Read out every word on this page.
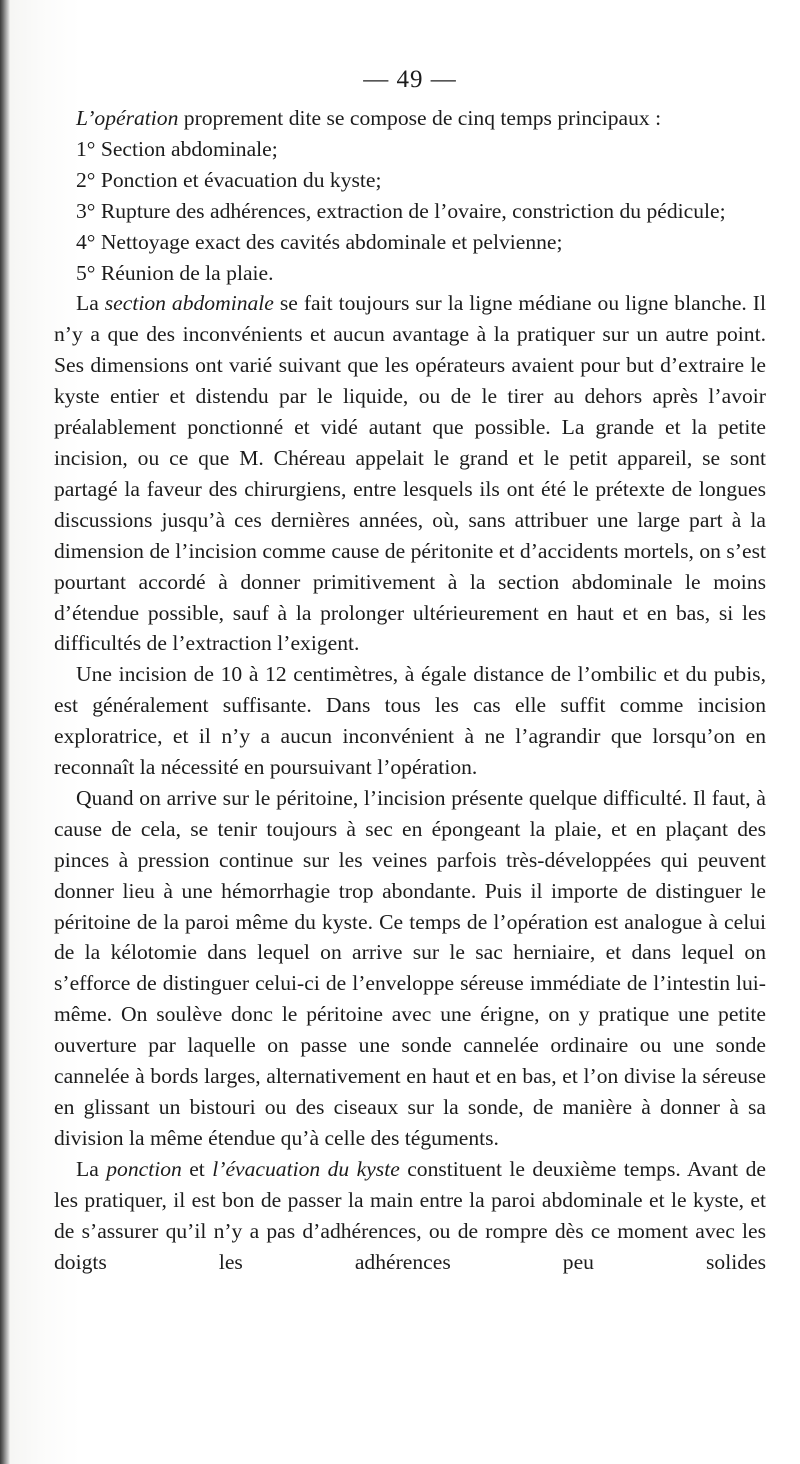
— 49 —

L’opération proprement dite se compose de cinq temps principaux :

1° Section abdominale;

2° Ponction et évacuation du kyste;

3° Rupture des adhérences, extraction de l’ovaire, constriction du pédicule;

4° Nettoyage exact des cavités abdominale et pelvienne;

5° Réunion de la plaie.

La section abdominale se fait toujours sur la ligne médiane ou ligne blanche. Il n’y a que des inconvénients et aucun avantage à la pratiquer sur un autre point. Ses dimensions ont varié suivant que les opérateurs avaient pour but d’extraire le kyste entier et distendu par le liquide, ou de le tirer au dehors après l’avoir préalablement ponctionné et vidé autant que possible. La grande et la petite incision, ou ce que M. Chéreau appelait le grand et le petit appareil, se sont partagé la faveur des chirurgiens, entre lesquels ils ont été le prétexte de longues discussions jusqu’à ces dernières années, où, sans attribuer une large part à la dimension de l’incision comme cause de péritonite et d’accidents mortels, on s’est pourtant accordé à donner primitivement à la section abdominale le moins d’étendue possible, sauf à la prolonger ultérieurement en haut et en bas, si les difficultés de l’extraction l’exigent.

Une incision de 10 à 12 centimètres, à égale distance de l’ombilic et du pubis, est généralement suffisante. Dans tous les cas elle suffit comme incision exploratrice, et il n’y a aucun inconvénient à ne l’agrandir que lorsqu’on en reconnaît la nécessité en poursuivant l’opération.

Quand on arrive sur le péritoine, l’incision présente quelque difficulté. Il faut, à cause de cela, se tenir toujours à sec en épongeant la plaie, et en plaçant des pinces à pression continue sur les veines parfois très-développées qui peuvent donner lieu à une hémorrhagie trop abondante. Puis il importe de distinguer le péritoine de la paroi même du kyste. Ce temps de l’opération est analogue à celui de la kélotomie dans lequel on arrive sur le sac herniaire, et dans lequel on s’efforce de distinguer celui-ci de l’enveloppe séreuse immédiate de l’intestin lui-même. On soulève donc le péritoine avec une érigne, on y pratique une petite ouverture par laquelle on passe une sonde cannelée ordinaire ou une sonde cannelée à bords larges, alternativement en haut et en bas, et l’on divise la séreuse en glissant un bistouri ou des ciseaux sur la sonde, de manière à donner à sa division la même étendue qu’à celle des téguments.

La ponction et l’évacuation du kyste constituent le deuxième temps. Avant de les pratiquer, il est bon de passer la main entre la paroi abdominale et le kyste, et de s’assurer qu’il n’y a pas d’adhérences, ou de rompre dès ce moment avec les doigts les adhérences peu solides
